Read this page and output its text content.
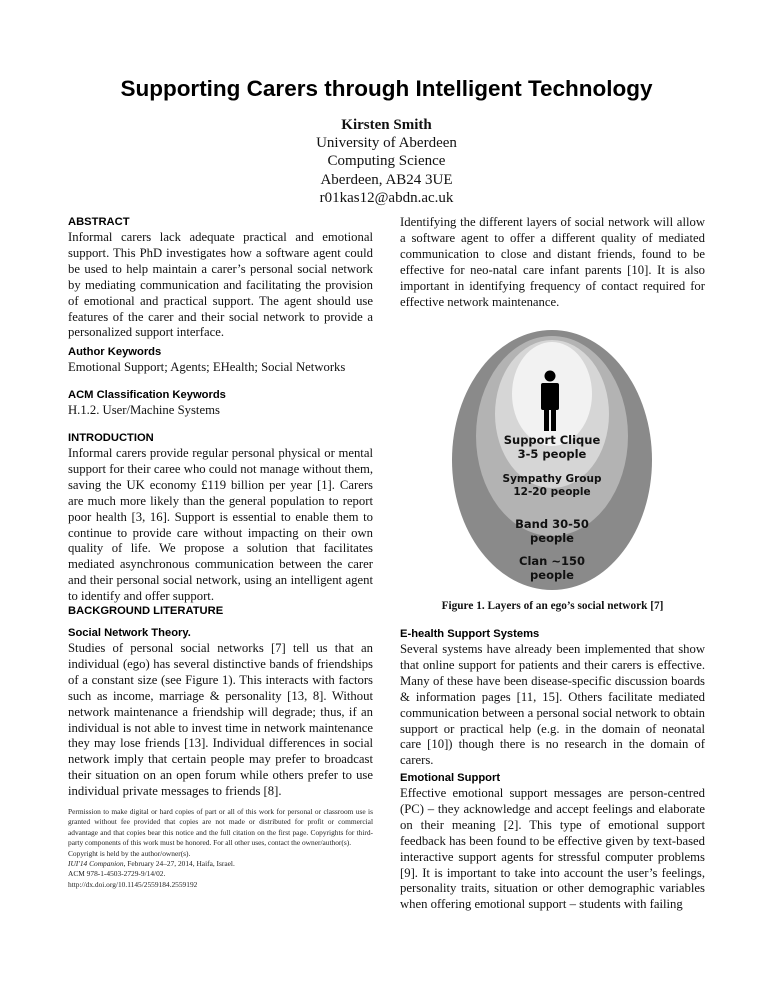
Supporting Carers through Intelligent Technology
Kirsten Smith
University of Aberdeen
Computing Science
Aberdeen, AB24 3UE
r01kas12@abdn.ac.uk
ABSTRACT

Informal carers lack adequate practical and emotional support. This PhD investigates how a software agent could be used to help maintain a carer’s personal social network by mediating communication and facilitating the provision of emotional and practical support. The agent should use features of the carer and their social network to provide a personalized support interface.

Author Keywords

Emotional Support; Agents; EHealth; Social Networks

ACM Classification Keywords

H.1.2. User/Machine Systems

INTRODUCTION

Informal carers provide regular personal physical or mental support for their caree who could not manage without them, saving the UK economy £119 billion per year [1]. Carers are much more likely than the general population to report poor health [3, 16]. Support is essential to enable them to continue to provide care without impacting on their own quality of life. We propose a solution that facilitates mediated asynchronous communication between the carer and their personal social network, using an intelligent agent to identify and offer support.

BACKGROUND LITERATURE
Social Network Theory.

Studies of personal social networks [7] tell us that an individual (ego) has several distinctive bands of friendships of a constant size (see Figure 1). This interacts with factors such as income, marriage & personality [13, 8]. Without network maintenance a friendship will degrade; thus, if an individual is not able to invest time in network maintenance they may lose friends [13]. Individual differences in social network imply that certain people may prefer to broadcast their situation on an open forum while others prefer to use individual private messages to friends [8].

Permission to make digital or hard copies of part or all of this work for personal or classroom use is granted without fee provided that copies are not made or distributed for profit or commercial advantage and that copies bear this notice and the full citation on the first page. Copyrights for third-party components of this work must be honored. For all other uses, contact the owner/author(s).

Copyright is held by the author/owner(s).
IUI'14 Companion, February 24–27, 2014, Haifa, Israel.
ACM 978-1-4503-2729-9/14/02.
http://dx.doi.org/10.1145/2559184.2559192

Identifying the different layers of social network will allow a software agent to offer a different quality of mediated communication to close and distant friends, found to be effective for neo-natal care infant parents [10]. It is also important in identifying frequency of contact required for effective network maintenance.

Support Clique
3-5 people
Sympathy Group
12-20 people
Band 30-50
people
Clan ~150
people
Figure 1. Layers of an ego’s social network [7]
E-health Support Systems

Several systems have already been implemented that show that online support for patients and their carers is effective. Many of these have been disease-specific discussion boards & information pages [11, 15]. Others facilitate mediated communication between a personal social network to obtain support or practical help (e.g. in the domain of neonatal care [10]) though there is no research in the domain of carers.

Emotional Support

Effective emotional support messages are person-centred (PC) – they acknowledge and accept feelings and elaborate on their meaning [2]. This type of emotional support feedback has been found to be effective given by text-based interactive support agents for stressful computer problems [9]. It is important to take into account the user’s feelings, personality traits, situation or other demographic variables when offering emotional support – students with failing
